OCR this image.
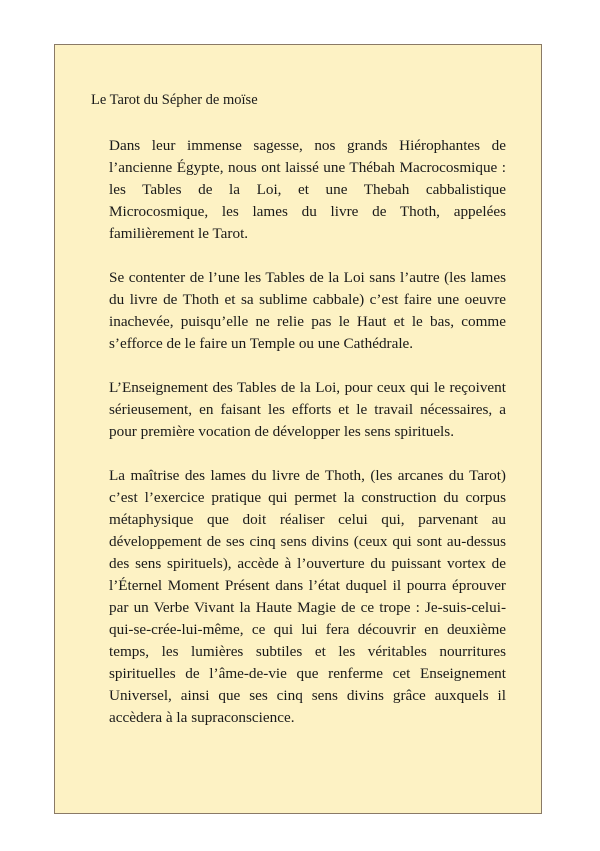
Le Tarot du Sépher de moïse

Dans leur immense sagesse, nos grands Hiérophantes de l’ancienne Égypte, nous ont laissé une Thébah Macrocosmique : les Tables de la Loi, et une Thebah cabbalistique Microcosmique, les lames du livre de Thoth, appelées familièrement le Tarot.

Se contenter de l’une les Tables de la Loi sans l’autre (les lames du livre de Thoth et sa sublime cabbale) c’est faire une oeuvre inachevée, puisqu’elle ne relie pas le Haut et le bas, comme s’efforce de le faire un Temple ou une Cathédrale.

L’Enseignement des Tables de la Loi, pour ceux qui le reçoivent sérieusement, en faisant les efforts et le travail nécessaires, a pour première vocation de développer les sens spirituels.

La maîtrise des lames du livre de Thoth, (les arcanes du Tarot) c’est l’exercice pratique qui permet la construction du corpus métaphysique que doit réaliser celui qui, parvenant au développement de ses cinq sens divins (ceux qui sont au-dessus des sens spirituels), accède à l’ouverture du puissant vortex de l’Éternel Moment Présent dans l’état duquel il pourra éprouver par un Verbe Vivant la Haute Magie de ce trope : Je-suis-celui-qui-se-crée-lui-même, ce qui lui fera découvrir en deuxième temps, les lumières subtiles et les véritables nourritures spirituelles de l’âme-de-vie que renferme cet Enseignement Universel, ainsi que ses cinq sens divins grâce auxquels il accèdera à la supraconscience.
